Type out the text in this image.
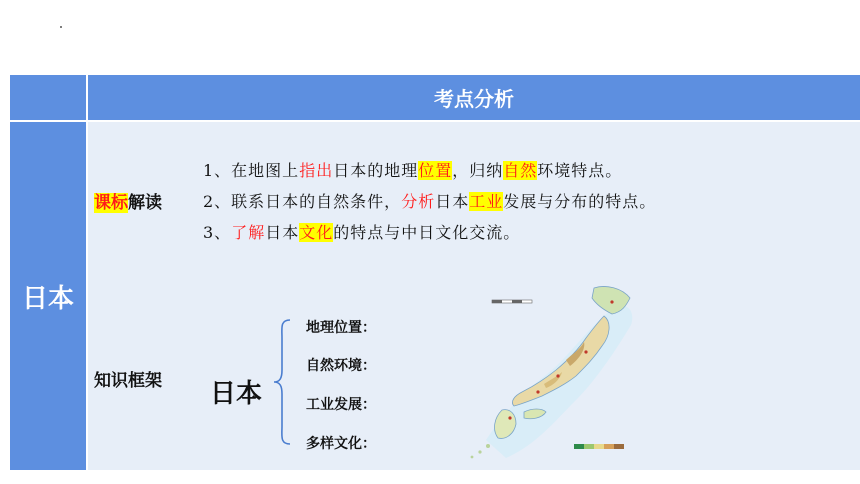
考点分析
日本
课标解读
1、在地图上指出日本的地理位置，归纳自然环境特点。
2、联系日本的自然条件，分析日本工业发展与分布的特点。
3、了解日本文化的特点与中日文化交流。
知识框架 日本
地理位置：
自然环境：
工业发展：
多样文化：
